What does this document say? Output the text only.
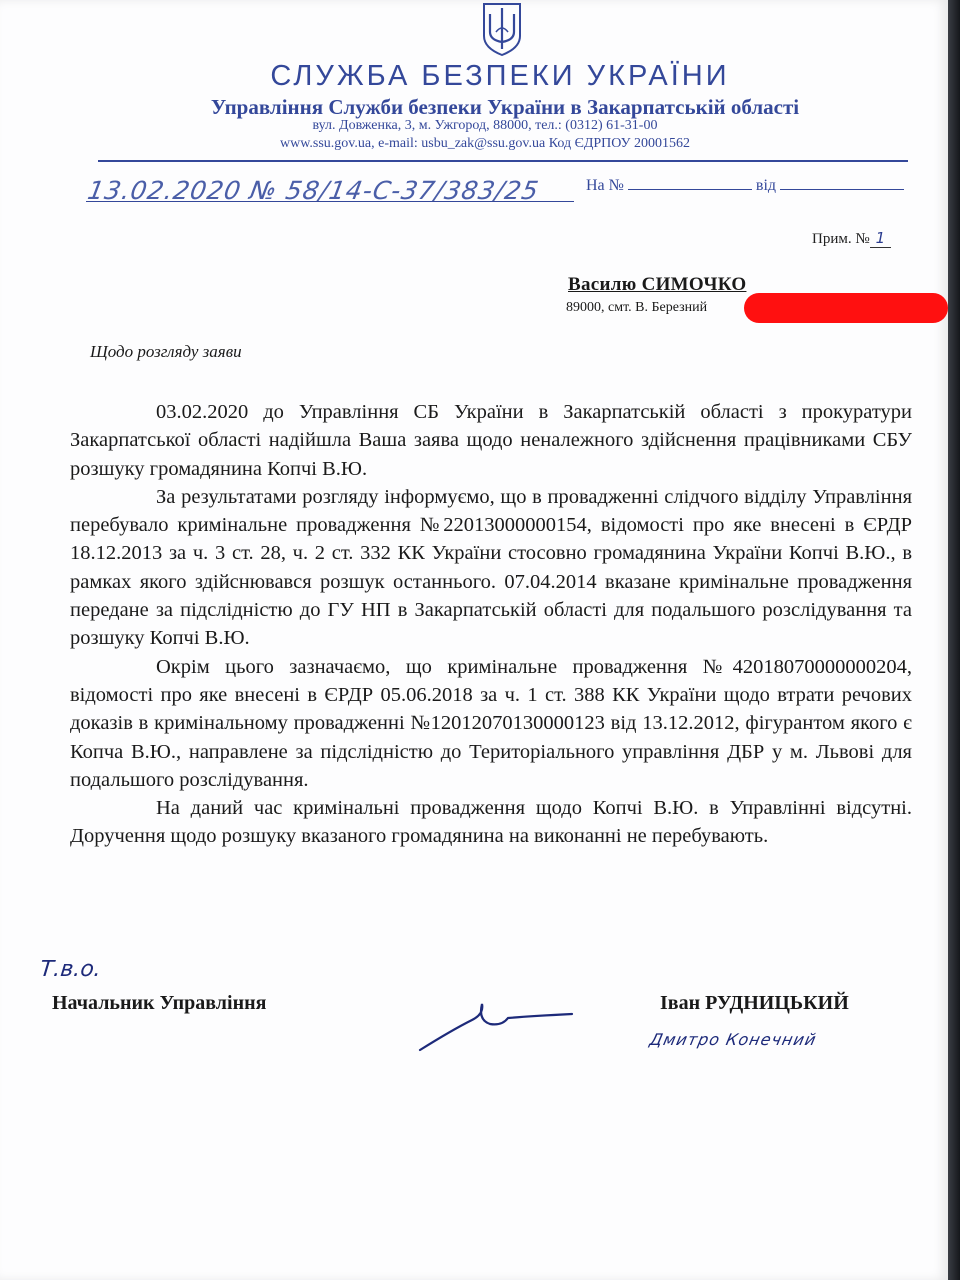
СЛУЖБА БЕЗПЕКИ УКРАЇНИ
Управління Служби безпеки України в Закарпатській області
вул. Довженка, 3, м. Ужгород, 88000, тел.: (0312) 61-31-00
www.ssu.gov.ua, e-mail: usbu_zak@ssu.gov.ua Код ЄДРПОУ 20001562
13.02.2020 № 58/14-С-37/383/25	На №	від
Прим. № 1
Василю СИМОЧКО
89000, смт. В. Березний
Щодо розгляду заяви

03.02.2020 до Управління СБ України в Закарпатській області з прокуратури Закарпатської області надійшла Ваша заява щодо неналежного здійснення працівниками СБУ розшуку громадянина Копчі В.Ю.

За результатами розгляду інформуємо, що в провадженні слідчого відділу Управління перебувало кримінальне провадження №22013000000154, відомості про яке внесені в ЄРДР 18.12.2013 за ч. 3 ст. 28, ч. 2 ст. 332 КК України стосовно громадянина України Копчі В.Ю., в рамках якого здійснювався розшук останнього. 07.04.2014 вказане кримінальне провадження передане за підслідністю до ГУ НП в Закарпатській області для подальшого розслідування та розшуку Копчі В.Ю.

Окрім цього зазначаємо, що кримінальне провадження №42018070000000204, відомості про яке внесені в ЄРДР 05.06.2018 за ч. 1 ст. 388 КК України щодо втрати речових доказів в кримінальному провадженні №12012070130000123 від 13.12.2012, фігурантом якого є Копча В.Ю., направлене за підслідністю до Територіального управління ДБР у м. Львові для подальшого розслідування.

На даний час кримінальні провадження щодо Копчі В.Ю. в Управлінні відсутні. Доручення щодо розшуку вказаного громадянина на виконанні не перебувають.

Т.в.о.
Начальник Управління	Іван РУДНИЦЬКИЙ
Дмитро Конечний
